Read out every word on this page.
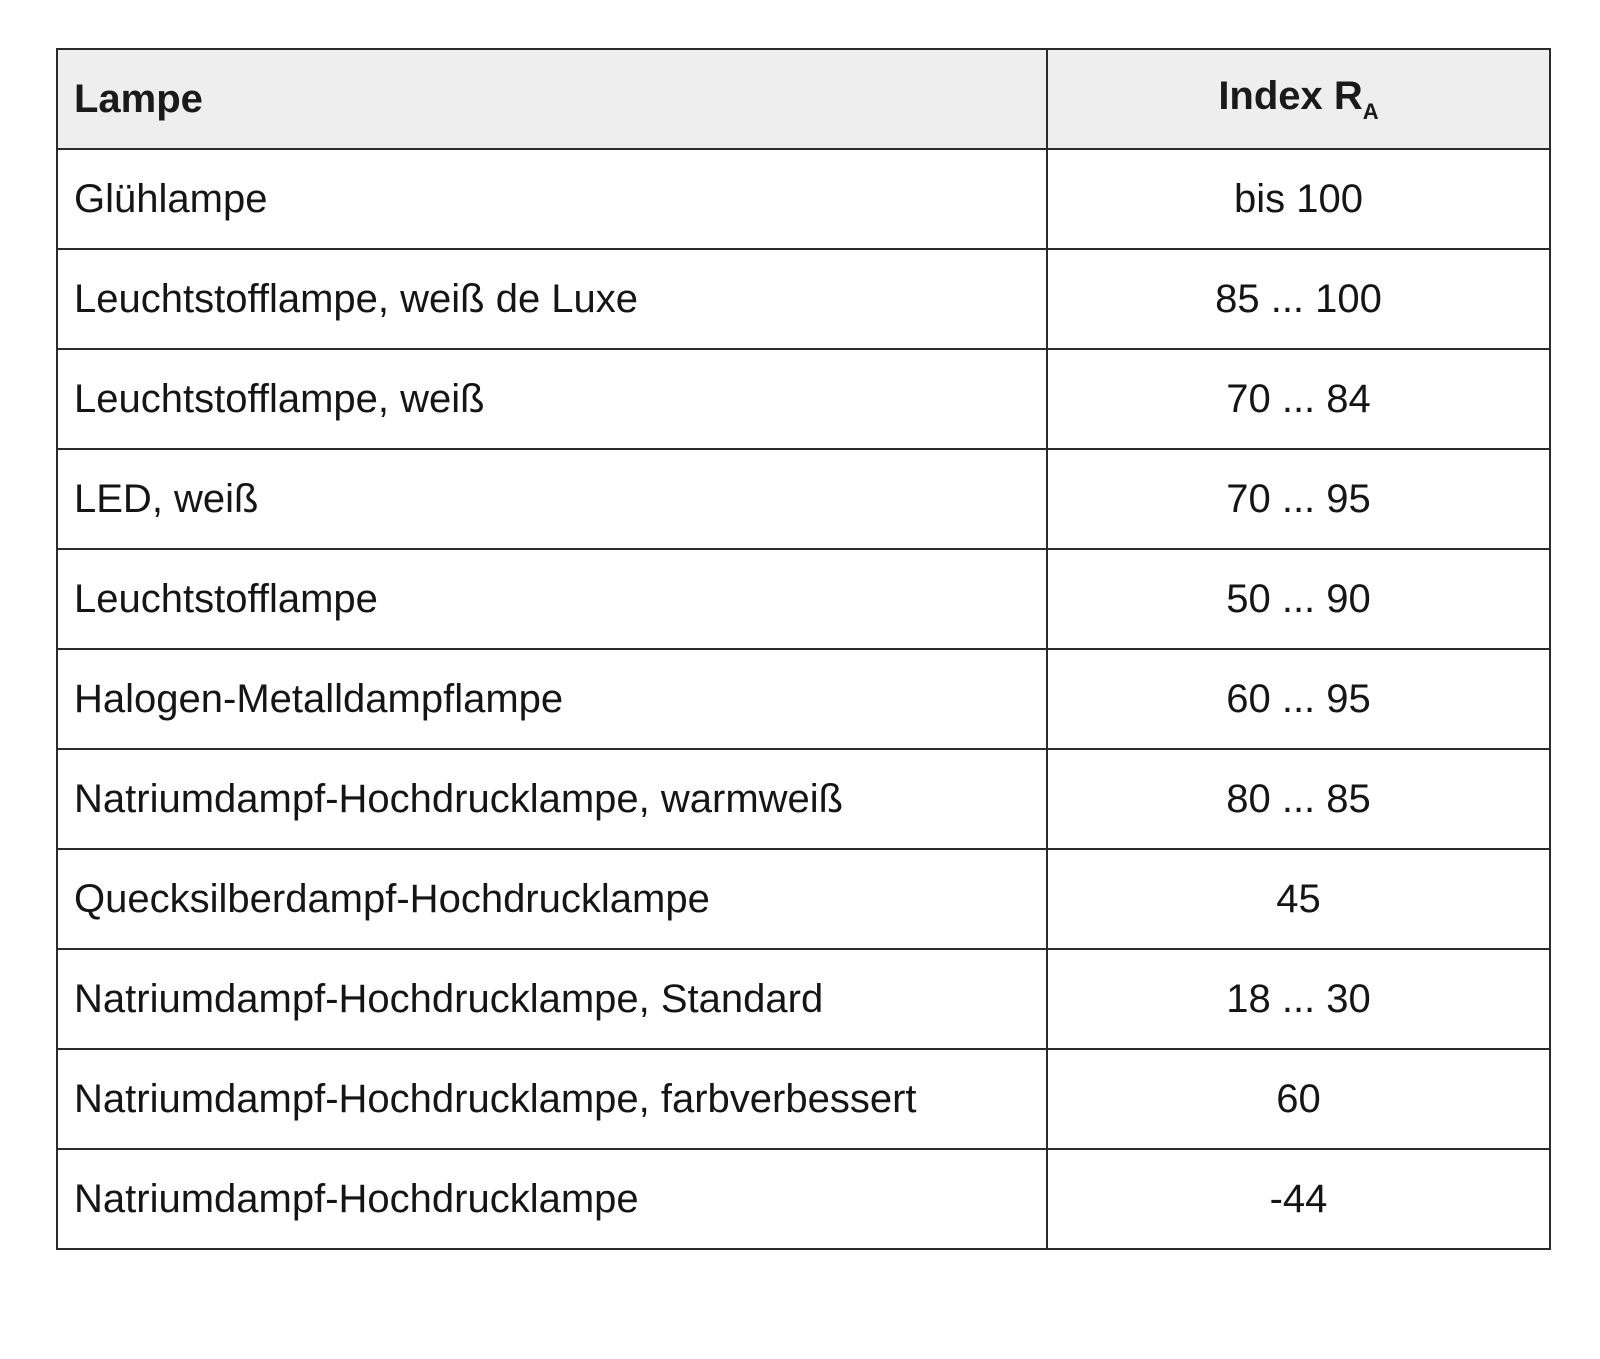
Lampe	Index $R_A$
Glühlampe	bis 100
Leuchtstofflampe, weiß de Luxe	85 ... 100
Leuchtstofflampe, weiß	70 ... 84
LED, weiß	70 ... 95
Leuchtstofflampe	50 ... 90
Halogen-Metalldampflampe	60 ... 95
Natriumdampf-Hochdrucklampe, warmweiß	80 ... 85
Quecksilberdampf-Hochdrucklampe	45
Natriumdampf-Hochdrucklampe, Standard	18 ... 30
Natriumdampf-Hochdrucklampe, farbverbessert	60
Natriumdampf-Hochdrucklampe	-44
